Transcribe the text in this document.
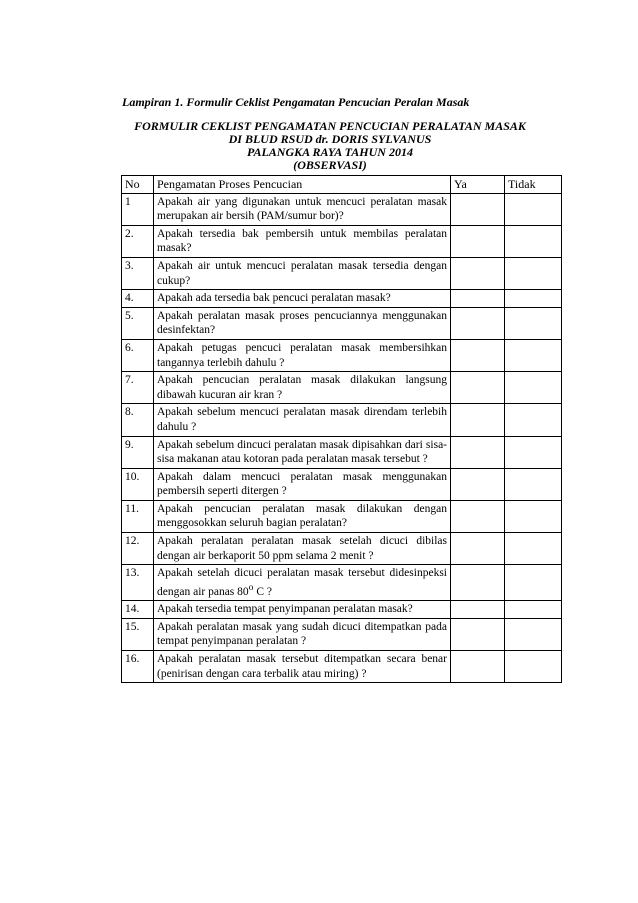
Lampiran 1. Formulir Ceklist Pengamatan Pencucian Peralan Masak
FORMULIR CEKLIST PENGAMATAN PENCUCIAN PERALATAN MASAK
DI BLUD RSUD dr. DORIS SYLVANUS
PALANGKA RAYA TAHUN 2014
(OBSERVASI)
No	Pengamatan Proses Pencucian	Ya	Tidak
1	Apakah air yang digunakan untuk mencuci peralatan masak merupakan air bersih (PAM/sumur bor)?		
2.	Apakah tersedia bak pembersih untuk membilas peralatan masak?		
3.	Apakah air untuk mencuci peralatan masak tersedia dengan cukup?		
4.	Apakah ada tersedia bak pencuci peralatan masak?		
5.	Apakah peralatan masak proses pencuciannya menggunakan desinfektan?		
6.	Apakah petugas pencuci peralatan masak membersihkan tangannya terlebih dahulu ?		
7.	Apakah pencucian peralatan masak dilakukan langsung dibawah kucuran air kran ?		
8.	Apakah sebelum mencuci peralatan masak direndam terlebih dahulu ?		
9.	Apakah sebelum dincuci peralatan masak dipisahkan dari sisa-sisa makanan atau kotoran pada peralatan masak tersebut ?		
10.	Apakah dalam mencuci peralatan masak menggunakan pembersih seperti ditergen ?		
11.	Apakah pencucian peralatan masak dilakukan dengan menggosokkan seluruh bagian peralatan?		
12.	Apakah peralatan peralatan masak setelah dicuci dibilas dengan air berkaporit 50 ppm selama 2 menit ?		
13.	Apakah setelah dicuci peralatan masak tersebut didesinpeksi dengan air panas 80$^o$ C ?		
14.	Apakah tersedia tempat penyimpanan peralatan masak?		
15.	Apakah peralatan masak yang sudah dicuci ditempatkan pada tempat penyimpanan peralatan ?		
16.	Apakah peralatan masak tersebut ditempatkan secara benar (penirisan dengan cara terbalik atau miring) ?		
